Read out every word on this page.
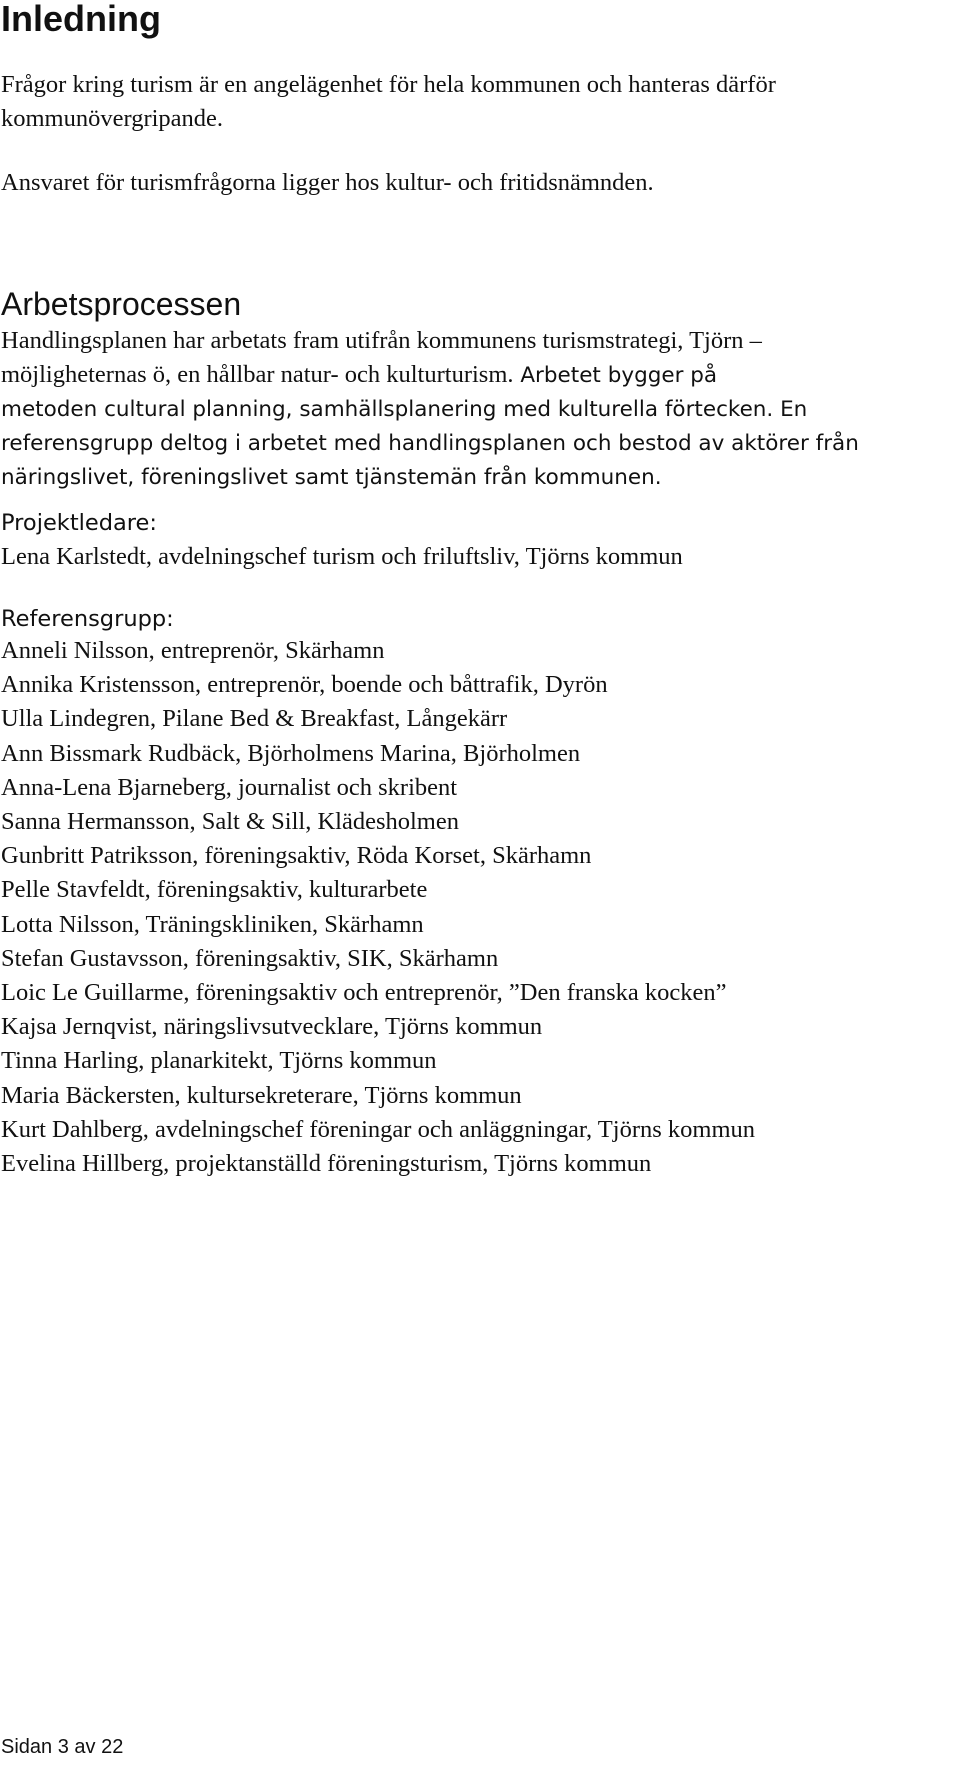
Inledning

Frågor kring turism är en angelägenhet för hela kommunen och hanteras därför
kommunövergripande.

Ansvaret för turismfrågorna ligger hos kultur- och fritidsnämnden.

Arbetsprocessen
Handlingsplanen har arbetats fram utifrån kommunens turismstrategi, Tjörn –
möjligheternas ö, en hållbar natur- och kulturturism. Arbetet bygger på
metoden cultural planning, samhällsplanering med kulturella förtecken. En
referensgrupp deltog i arbetet med handlingsplanen och bestod av aktörer från
näringslivet, föreningslivet samt tjänstemän från kommunen.

Projektledare:

Lena Karlstedt, avdelningschef turism och friluftsliv, Tjörns kommun

Referensgrupp:

Anneli Nilsson, entreprenör, Skärhamn
Annika Kristensson, entreprenör, boende och båttrafik, Dyrön
Ulla Lindegren, Pilane Bed & Breakfast, Långekärr
Ann Bissmark Rudbäck, Björholmens Marina, Björholmen
Anna-Lena Bjarneberg, journalist och skribent
Sanna Hermansson, Salt & Sill, Klädesholmen
Gunbritt Patriksson, föreningsaktiv, Röda Korset, Skärhamn
Pelle Stavfeldt, föreningsaktiv, kulturarbete
Lotta Nilsson, Träningskliniken, Skärhamn
Stefan Gustavsson, föreningsaktiv, SIK, Skärhamn
Loic Le Guillarme, föreningsaktiv och entreprenör, ”Den franska kocken”
Kajsa Jernqvist, näringslivsutvecklare, Tjörns kommun
Tinna Harling, planarkitekt, Tjörns kommun
Maria Bäckersten, kultursekreterare, Tjörns kommun
Kurt Dahlberg, avdelningschef föreningar och anläggningar, Tjörns kommun
Evelina Hillberg, projektanställd föreningsturism, Tjörns kommun
Sidan 3 av 22
